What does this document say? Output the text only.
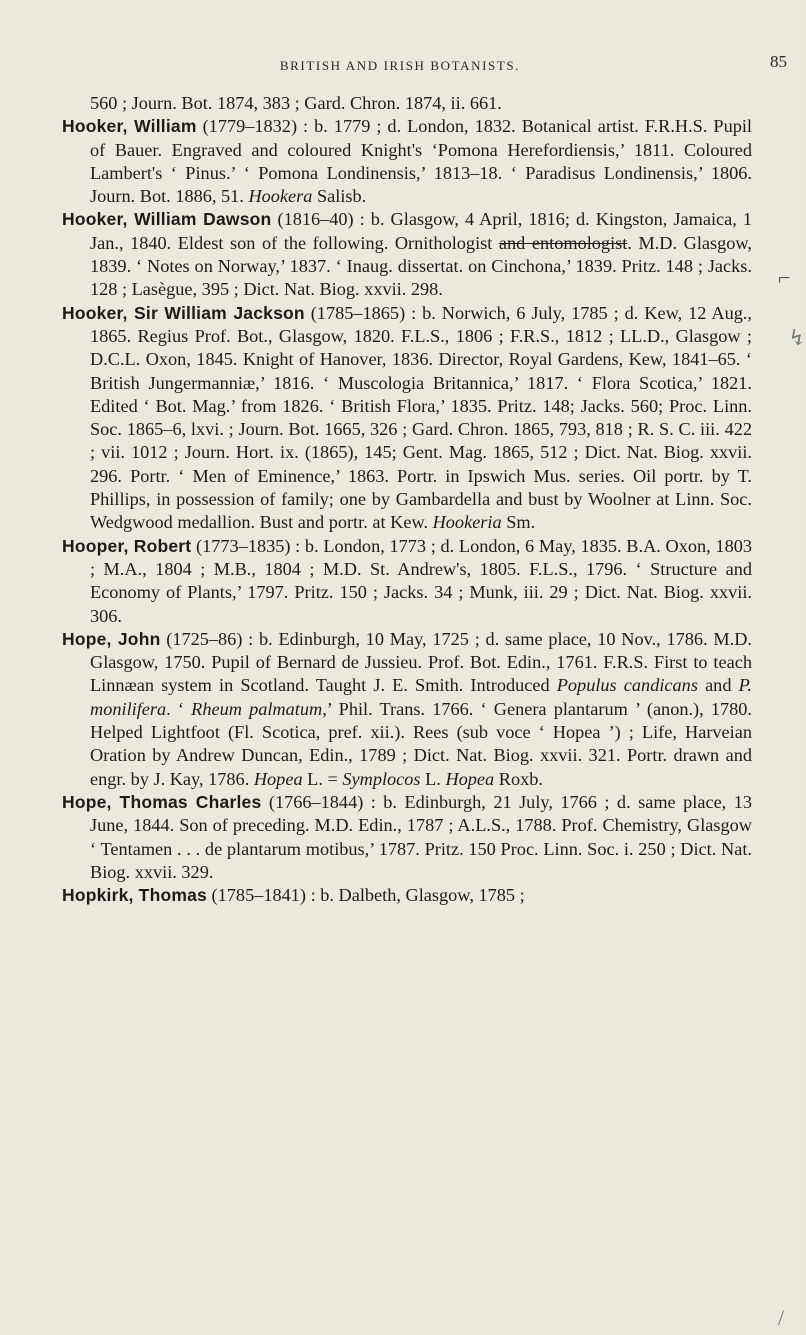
BRITISH AND IRISH BOTANISTS.	85
⌐
↯
/

560 ; Journ. Bot. 1874, 383 ; Gard. Chron. 1874, ii. 661.

Hooker, William (1779–1832) : b. 1779 ; d. London, 1832. Botanical artist. F.R.H.S. Pupil of Bauer. Engraved and coloured Knight's ‘Pomona Herefordiensis,’ 1811. Coloured Lambert's ‘ Pinus.’ ‘ Pomona Londinensis,’ 1813–18. ‘ Paradisus Londinensis,’ 1806. Journ. Bot. 1886, 51. Hookera Salisb.

Hooker, William Dawson (1816–40) : b. Glasgow, 4 April, 1816; d. Kingston, Jamaica, 1 Jan., 1840. Eldest son of the following. Ornithologist and entomologist. M.D. Glasgow, 1839. ‘ Notes on Norway,’ 1837. ‘ Inaug. dissertat. on Cinchona,’ 1839. Pritz. 148 ; Jacks. 128 ; Lasègue, 395 ; Dict. Nat. Biog. xxvii. 298.

Hooker, Sir William Jackson (1785–1865) : b. Norwich, 6 July, 1785 ; d. Kew, 12 Aug., 1865. Regius Prof. Bot., Glasgow, 1820. F.L.S., 1806 ; F.R.S., 1812 ; LL.D., Glasgow ; D.C.L. Oxon, 1845. Knight of Hanover, 1836. Director, Royal Gardens, Kew, 1841–65. ‘ British Jungermanniæ,’ 1816. ‘ Muscologia Britannica,’ 1817. ‘ Flora Scotica,’ 1821. Edited ‘ Bot. Mag.’ from 1826. ‘ British Flora,’ 1835. Pritz. 148; Jacks. 560; Proc. Linn. Soc. 1865–6, lxvi. ; Journ. Bot. 1665, 326 ; Gard. Chron. 1865, 793, 818 ; R. S. C. iii. 422 ; vii. 1012 ; Journ. Hort. ix. (1865), 145; Gent. Mag. 1865, 512 ; Dict. Nat. Biog. xxvii. 296. Portr. ‘ Men of Eminence,’ 1863. Portr. in Ipswich Mus. series. Oil portr. by T. Phillips, in possession of family; one by Gambardella and bust by Woolner at Linn. Soc. Wedgwood medallion. Bust and portr. at Kew. Hookeria Sm.

Hooper, Robert (1773–1835) : b. London, 1773 ; d. London, 6 May, 1835. B.A. Oxon, 1803 ; M.A., 1804 ; M.B., 1804 ; M.D. St. Andrew's, 1805. F.L.S., 1796. ‘ Structure and Economy of Plants,’ 1797. Pritz. 150 ; Jacks. 34 ; Munk, iii. 29 ; Dict. Nat. Biog. xxvii. 306.

Hope, John (1725–86) : b. Edinburgh, 10 May, 1725 ; d. same place, 10 Nov., 1786. M.D. Glasgow, 1750. Pupil of Bernard de Jussieu. Prof. Bot. Edin., 1761. F.R.S. First to teach Linnæan system in Scotland. Taught J. E. Smith. Introduced Populus candicans and P. monilifera. ‘ Rheum palmatum,’ Phil. Trans. 1766. ‘ Genera plantarum ’ (anon.), 1780. Helped Lightfoot (Fl. Scotica, pref. xii.). Rees (sub voce ‘ Hopea ’) ; Life, Harveian Oration by Andrew Duncan, Edin., 1789 ; Dict. Nat. Biog. xxvii. 321. Portr. drawn and engr. by J. Kay, 1786. Hopea L. = Symplocos L. Hopea Roxb.

Hope, Thomas Charles (1766–1844) : b. Edinburgh, 21 July, 1766 ; d. same place, 13 June, 1844. Son of preceding. M.D. Edin., 1787 ; A.L.S., 1788. Prof. Chemistry, Glasgow ‘ Tentamen . . . de plantarum motibus,’ 1787. Pritz. 150 Proc. Linn. Soc. i. 250 ; Dict. Nat. Biog. xxvii. 329.

Hopkirk, Thomas (1785–1841) : b. Dalbeth, Glasgow, 1785 ;
